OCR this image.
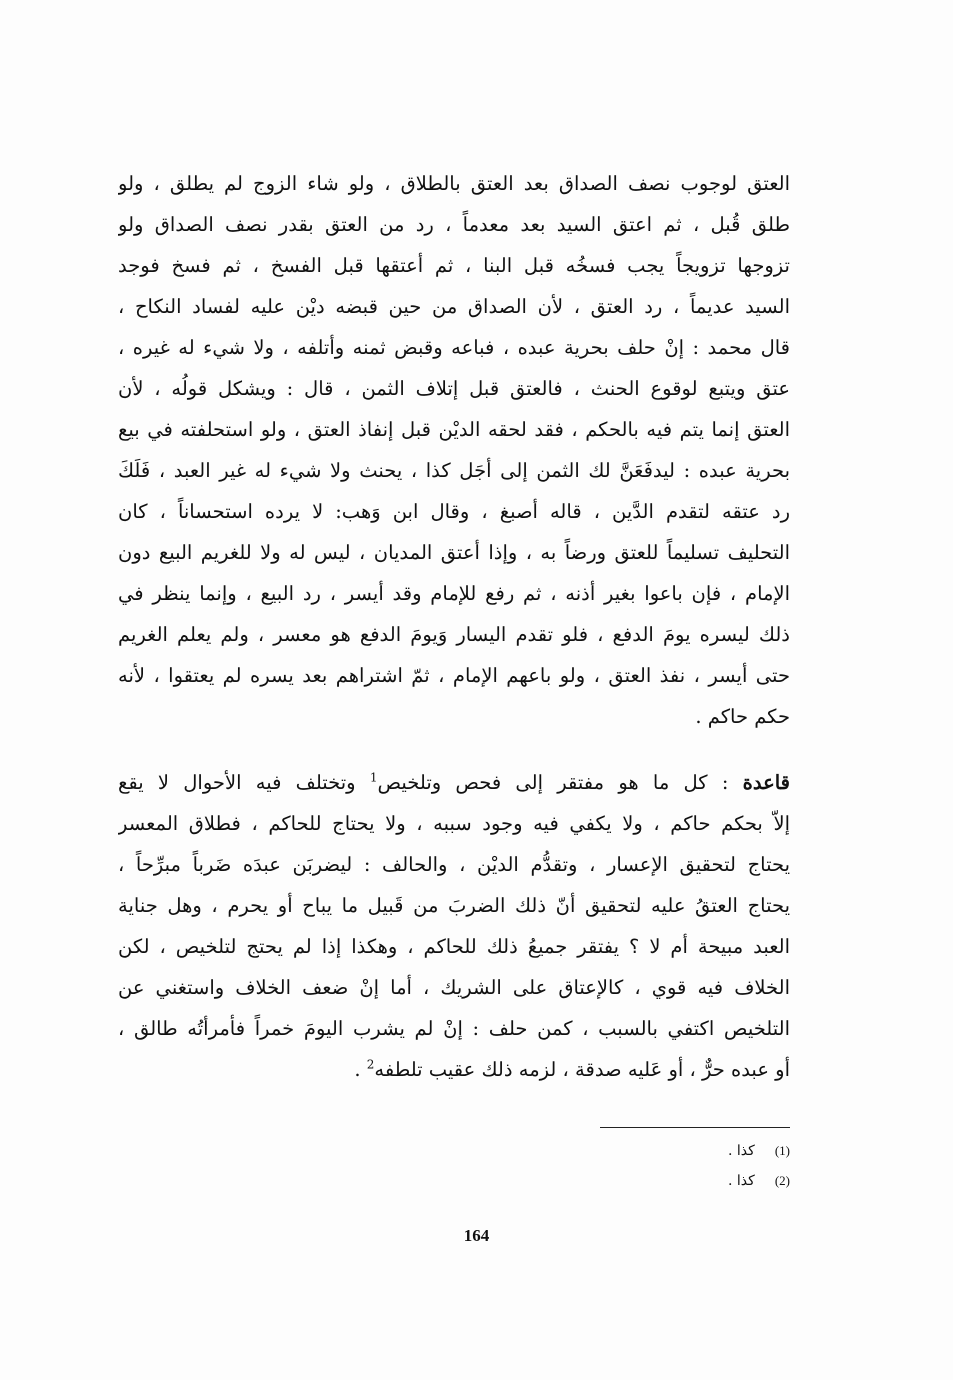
العتق لوجوب نصف الصداق بعد العتق بالطلاق ، ولو شاء الزوج لم يطلق ، ولو
طلق قُبل ، ثم اعتق السيد بعد معدماً ، رد من العتق بقدر نصف الصداق ولو
تزوجها تزويجاً يجب فسخُه قبل البنا ، ثم أعتقها قبل الفسخ ، ثم فسخ فوجد
السيد عديماً ، رد العتق ، لأن الصداق من حين قبضه ديْن عليه لفساد النكاح ،
قال محمد : إنْ حلف بحرية عبده ، فباعه وقبض ثمنه وأتلفه ، ولا شيء له غيره ،
عتق ويتبع لوقوع الحنث ، فالعتق قبل إتلاف الثمن ، قال : ويشكل قولُه ، لأن
العتق إنما يتم فيه بالحكم ، فقد لحقه الديْن قبل إنفاذ العتق ، ولو استحلفته في بيع
بحرية عبده : ليدفَعَنَّ لك الثمن إلى أجَل كذا ، يحنث ولا شيء له غير العبد ، فَلَكَ
رد عتقه لتقدم الدَّين ، قاله أصبغ ، وقال ابن وَهب: لا يرده استحساناً ، كان
التحليف تسليماً للعتق ورضاً به ، وإذا أعتق المديان ، ليس له ولا للغريم البيع دون
الإمام ، فإن باعوا بغير أذنه ، ثم رفع للإمام وقد أيسر ، رد البيع ، وإنما ينظر في
ذلك ليسره يومَ الدفع ، فلو تقدم اليسار وَيومَ الدفع هو معسر ، ولم يعلم الغريم
حتى أيسر ، نفذ العتق ، ولو باعهم الإمام ، ثمّ اشتراهم بعد يسره لم يعتقوا ، لأنه
حكم حاكم .
قاعدة : كل ما هو مفتقر إلى فحص وتلخيص$^1$ وتختلف فيه الأحوال لا يقع
إلاّ بحكم حاكم ، ولا يكفي فيه وجود سببه ، ولا يحتاج للحاكم ، فطلاق المعسر
يحتاج لتحقيق الإعسار ، وتقدُّم الديْن ، والحالف : ليضربَن عبدَه ضَرباً مبرِّحاً ،
يحتاج العتقُ عليه لتحقيق أنّ ذلك الضربَ من قَبيل ما يباح أو يحرم ، وهل جناية
العبد مبيحة أم لا ؟ يفتقر جميعُ ذلك للحاكم ، وهكذا إذا لم يحتج لتلخيص ، لكن
الخلاف فيه قوي ، كالإعتاق على الشريك ، أما إنْ ضعف الخلاف واستغني عن
التلخيص اكتفي بالسبب ، كمن حلف : إنْ لم يشرب اليومَ خمراً فأمرأتُه طالق ،
أو عبده حرٌّ ، أو عَليه صدقة ، لزمه ذلك عقيب تلطفه$^2$ .
(1)كذا .
(2)كذا .
164
